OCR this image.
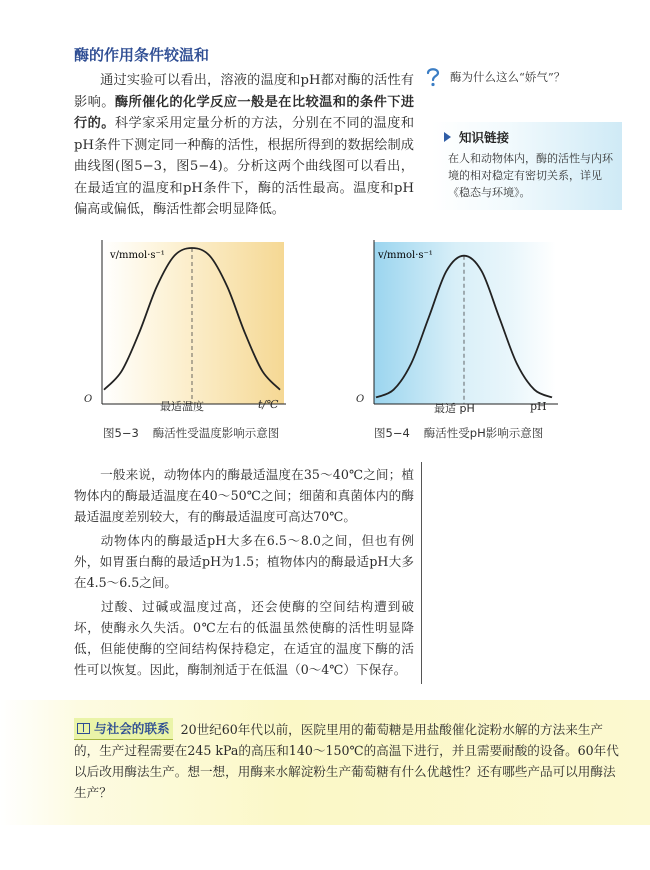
酶的作用条件较温和
通过实验可以看出，溶液的温度和pH都对酶的活性有影响。酶所催化的化学反应一般是在比较温和的条件下进行的。科学家采用定量分析的方法，分别在不同的温度和pH条件下测定同一种酶的活性，根据所得到的数据绘制成曲线图(图5−3，图5−4)。分析这两个曲线图可以看出，在最适宜的温度和pH条件下，酶的活性最高。温度和pH偏高或偏低，酶活性都会明显降低。
酶为什么这么“娇气”？
知识链接
在人和动物体内，酶的活性与内环境的相对稳定有密切关系，详见《稳态与环境》。
v/mmol·s⁻¹
O
最适温度	t/℃
图5−3 酶活性受温度影响示意图
v/mmol·s⁻¹
O
最适 pH	pH
图5−4 酶活性受pH影响示意图
一般来说，动物体内的酶最适温度在35～40℃之间；植物体内的酶最适温度在40～50℃之间；细菌和真菌体内的酶最适温度差别较大，有的酶最适温度可高达70℃。
动物体内的酶最适pH大多在6.5～8.0之间，但也有例外，如胃蛋白酶的最适pH为1.5；植物体内的酶最适pH大多在4.5～6.5之间。
过酸、过碱或温度过高，还会使酶的空间结构遭到破坏，使酶永久失活。0℃左右的低温虽然使酶的活性明显降低，但能使酶的空间结构保持稳定，在适宜的温度下酶的活性可以恢复。因此，酶制剂适于在低温（0～4℃）下保存。
与社会的联系 20世纪60年代以前，医院里用的葡萄糖是用盐酸催化淀粉水解的方法来生产的，生产过程需要在245 kPa的高压和140～150℃的高温下进行，并且需要耐酸的设备。60年代以后改用酶法生产。想一想，用酶来水解淀粉生产葡萄糖有什么优越性？还有哪些产品可以用酶法生产？
